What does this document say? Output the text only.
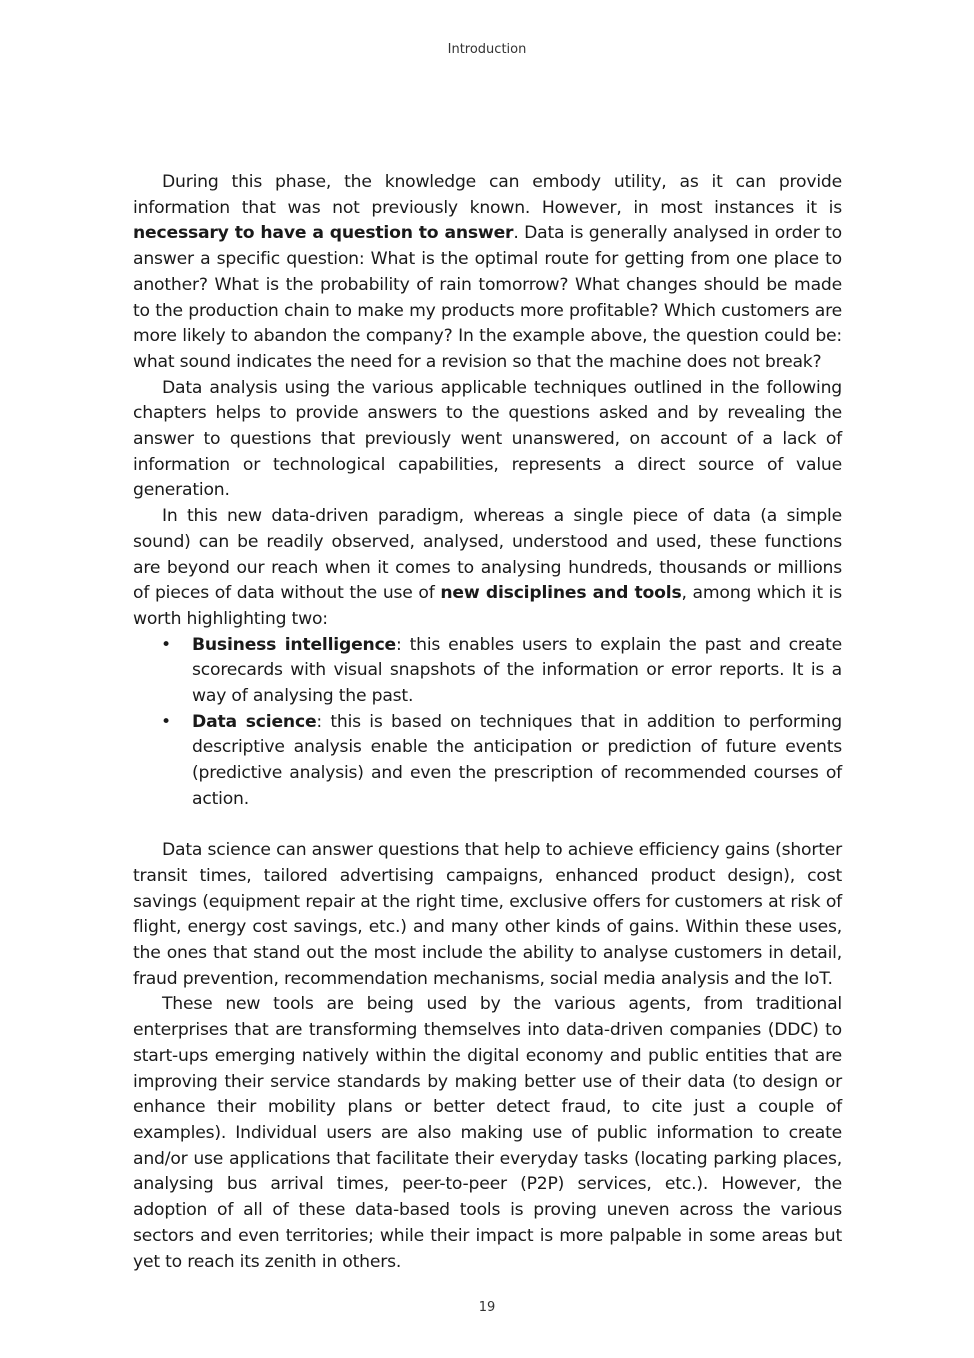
Introduction

During this phase, the knowledge can embody utility, as it can provide information that was not previously known. However, in most instances it is necessary to have a question to answer. Data is generally analysed in order to answer a specific question: What is the optimal route for getting from one place to another? What is the probability of rain tomorrow? What changes should be made to the production chain to make my products more profitable? Which customers are more likely to abandon the company? In the example above, the question could be: what sound indicates the need for a revision so that the machine does not break?

Data analysis using the various applicable techniques outlined in the following chapters helps to provide answers to the questions asked and by revealing the answer to questions that previously went unanswered, on account of a lack of information or technological capabilities, represents a direct source of value generation.

In this new data-driven paradigm, whereas a single piece of data (a simple sound) can be readily observed, analysed, understood and used, these functions are beyond our reach when it comes to analysing hundreds, thousands or millions of pieces of data without the use of new disciplines and tools, among which it is worth highlighting two:

• Business intelligence: this enables users to explain the past and create scorecards with visual snapshots of the information or error reports. It is a way of analysing the past.
• Data science: this is based on techniques that in addition to performing descriptive analysis enable the anticipation or prediction of future events (predictive analysis) and even the prescription of recommended courses of action.

Data science can answer questions that help to achieve efficiency gains (shorter transit times, tailored advertising campaigns, enhanced product design), cost savings (equipment repair at the right time, exclusive offers for customers at risk of flight, energy cost savings, etc.) and many other kinds of gains. Within these uses, the ones that stand out the most include the ability to analyse customers in detail, fraud prevention, recommendation mechanisms, social media analysis and the IoT.

These new tools are being used by the various agents, from traditional enterprises that are transforming themselves into data-driven companies (DDC) to start-ups emerging natively within the digital economy and public entities that are improving their service standards by making better use of their data (to design or enhance their mobility plans or better detect fraud, to cite just a couple of examples). Individual users are also making use of public information to create and/or use applications that facilitate their everyday tasks (locating parking places, analysing bus arrival times, peer-to-peer (P2P) services, etc.). However, the adoption of all of these data-based tools is proving uneven across the various sectors and even territories; while their impact is more palpable in some areas but yet to reach its zenith in others.

19
